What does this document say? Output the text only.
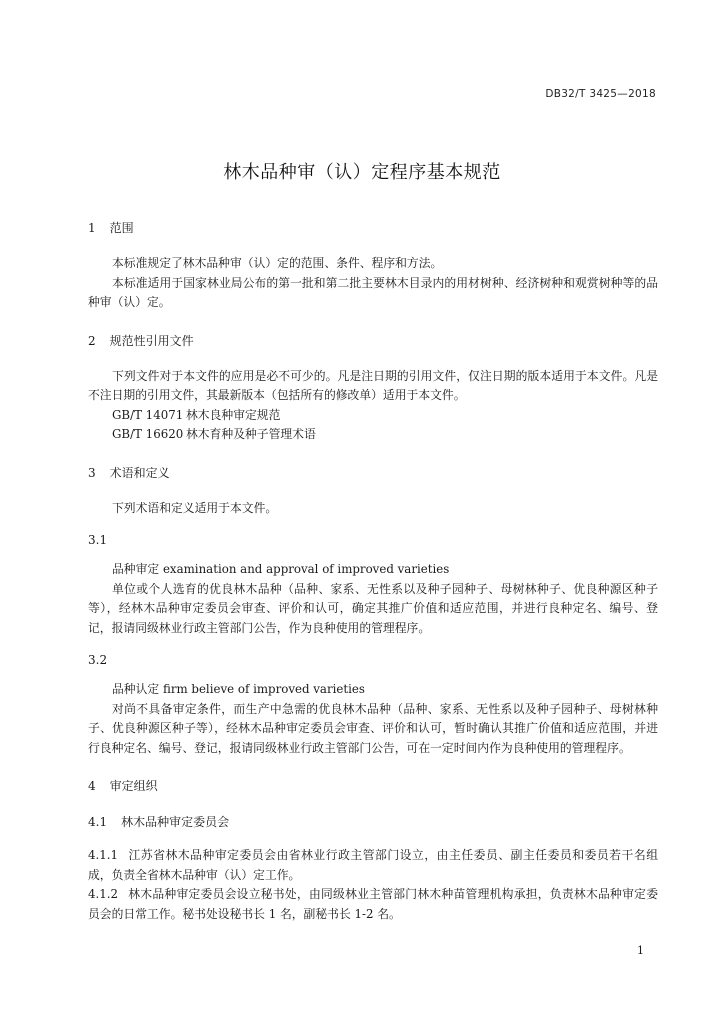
DB32/T 3425—2018
林木品种审（认）定程序基本规范
1 范围

本标准规定了林木品种审（认）定的范围、条件、程序和方法。

本标准适用于国家林业局公布的第一批和第二批主要林木目录内的用材树种、经济树种和观赏树种等的品种审（认）定。

2 规范性引用文件

下列文件对于本文件的应用是必不可少的。凡是注日期的引用文件，仅注日期的版本适用于本文件。凡是不注日期的引用文件，其最新版本（包括所有的修改单）适用于本文件。

GB/T 14071 林木良种审定规范
GB/T 16620 林木育种及种子管理术语
3 术语和定义

下列术语和定义适用于本文件。

3.1

品种审定 examination and approval of improved varieties

单位或个人选育的优良林木品种（品种、家系、无性系以及种子园种子、母树林种子、优良种源区种子等），经林木品种审定委员会审查、评价和认可，确定其推广价值和适应范围，并进行良种定名、编号、登记，报请同级林业行政主管部门公告，作为良种使用的管理程序。

3.2

品种认定 firm believe of improved varieties

对尚不具备审定条件，而生产中急需的优良林木品种（品种、家系、无性系以及种子园种子、母树林种子、优良种源区种子等），经林木品种审定委员会审查、评价和认可，暂时确认其推广价值和适应范围，并进行良种定名、编号、登记，报请同级林业行政主管部门公告，可在一定时间内作为良种使用的管理程序。

4 审定组织
4.1 林木品种审定委员会

4.1.1 江苏省林木品种审定委员会由省林业行政主管部门设立，由主任委员、副主任委员和委员若干名组成，负责全省林木品种审（认）定工作。

4.1.2 林木品种审定委员会设立秘书处，由同级林业主管部门林木种苗管理机构承担，负责林木品种审定委员会的日常工作。秘书处设秘书长 1 名，副秘书长 1-2 名。

1
